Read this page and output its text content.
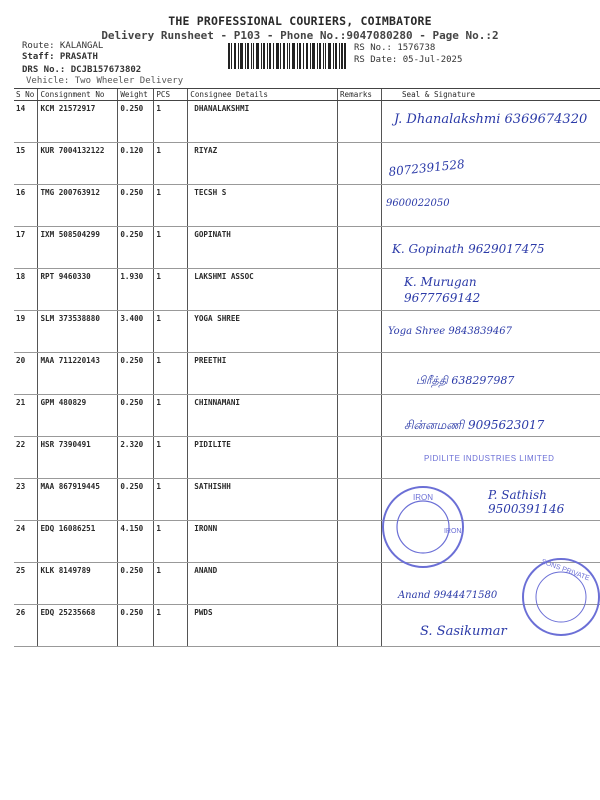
THE PROFESSIONAL COURIERS, COIMBATORE
Delivery Runsheet - P103 - Phone No.:9047080280 - Page No.:2
Route: KALANGAL
Staff: PRASATH
DRS No.: DCJB157673802
Vehicle: Two Wheeler Delivery
RS No.: 1576738
RS Date: 05-Jul-2025
S No	Consignment No	Weight	PCS	Consignee Details	Remarks	Seal & Signature
14	KCM 21572917	0.250	1	DHANALAKSHMI		J. Dhanalakshmi 6369674320

15	KUR 7004132122	0.120	1	RIYAZ		8072391528

16	TMG 200763912	0.250	1	TECSH S		9600022050

17	IXM 508504299	0.250	1	GOPINATH		K. Gopinath 9629017475

18	RPT 9460330	1.930	1	LAKSHMI ASSOC		K. Murugan 9677769142

19	SLM 373538880	3.400	1	YOGA SHREE		Yoga Shree 9843839467

20	MAA 711220143	0.250	1	PREETHI		பிரீத்தி 638297987

21	GPM 480829	0.250	1	CHINNAMANI		சின்னமணி 9095623017

22	HSR 7390491	2.320	1	PIDILITE		PIDILITE INDUSTRIES LIMITED

23	MAA 867919445	0.250	1	SATHISHH		P. Sathish 9500391146

24	EDQ 16086251	4.150	1	IRONN		IRON

25	KLK 8149789	0.250	1	ANAND		Anand 9944471580

26	EDQ 25235668	0.250	1	PWDS		S. Sasikumar
IRON
SONS PRIVATE
